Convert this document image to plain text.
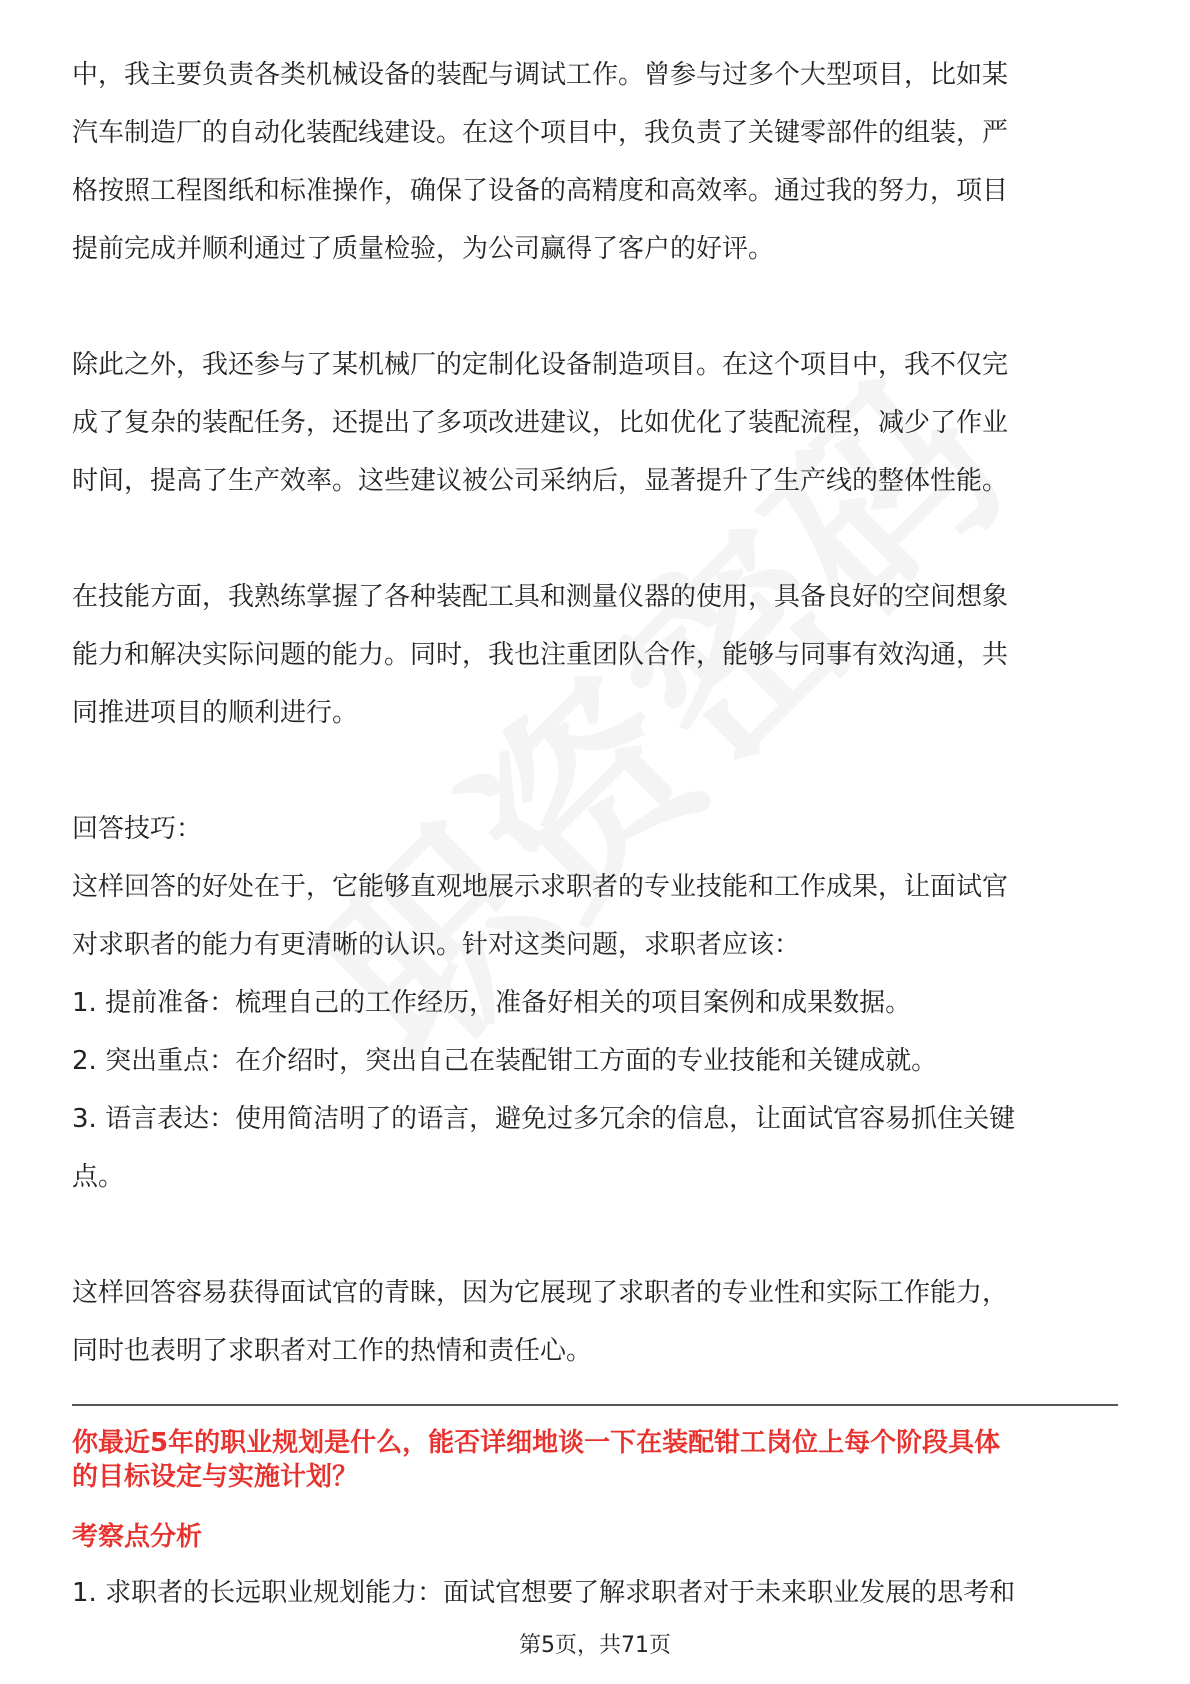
中，我主要负责各类机械设备的装配与调试工作。曾参与过多个大型项目，比如某
汽车制造厂的自动化装配线建设。在这个项目中，我负责了关键零部件的组装，严
格按照工程图纸和标准操作，确保了设备的高精度和高效率。通过我的努力，项目
提前完成并顺利通过了质量检验，为公司赢得了客户的好评。
除此之外，我还参与了某机械厂的定制化设备制造项目。在这个项目中，我不仅完
成了复杂的装配任务，还提出了多项改进建议，比如优化了装配流程，减少了作业
时间，提高了生产效率。这些建议被公司采纳后，显著提升了生产线的整体性能。
在技能方面，我熟练掌握了各种装配工具和测量仪器的使用，具备良好的空间想象
能力和解决实际问题的能力。同时，我也注重团队合作，能够与同事有效沟通，共
同推进项目的顺利进行。
回答技巧：
这样回答的好处在于，它能够直观地展示求职者的专业技能和工作成果，让面试官
对求职者的能力有更清晰的认识。针对这类问题，求职者应该：
1. 提前准备：梳理自己的工作经历，准备好相关的项目案例和成果数据。
2. 突出重点：在介绍时，突出自己在装配钳工方面的专业技能和关键成就。
3. 语言表达：使用简洁明了的语言，避免过多冗余的信息，让面试官容易抓住关键
点。
这样回答容易获得面试官的青睐，因为它展现了求职者的专业性和实际工作能力，
同时也表明了求职者对工作的热情和责任心。
你最近5年的职业规划是什么，能否详细地谈一下在装配钳工岗位上每个阶段具体
的目标设定与实施计划？
考察点分析
1. 求职者的长远职业规划能力：面试官想要了解求职者对于未来职业发展的思考和
第5页，共71页
